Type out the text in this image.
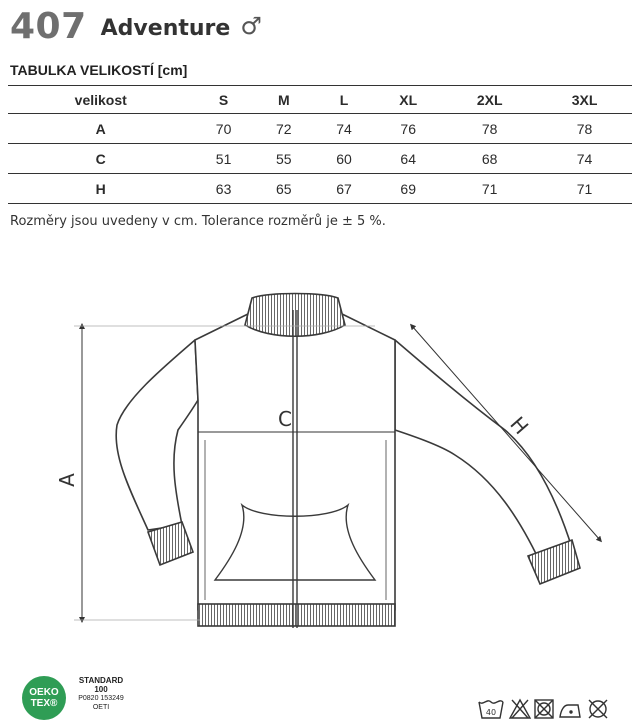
407 Adventure ♂
TABULKA VELIKOSTÍ [cm]
velikost	S	M	L	XL	2XL	3XL
A	70	72	74	76	78	78
C	51	55	60	64	68	74
H	63	65	67	69	71	71
Rozměry jsou uvedeny v cm. Tolerance rozměrů je ± 5 %.
C
A
H
OEKO
TEX®
STANDARD
100
P0820 153249
OETI
40
